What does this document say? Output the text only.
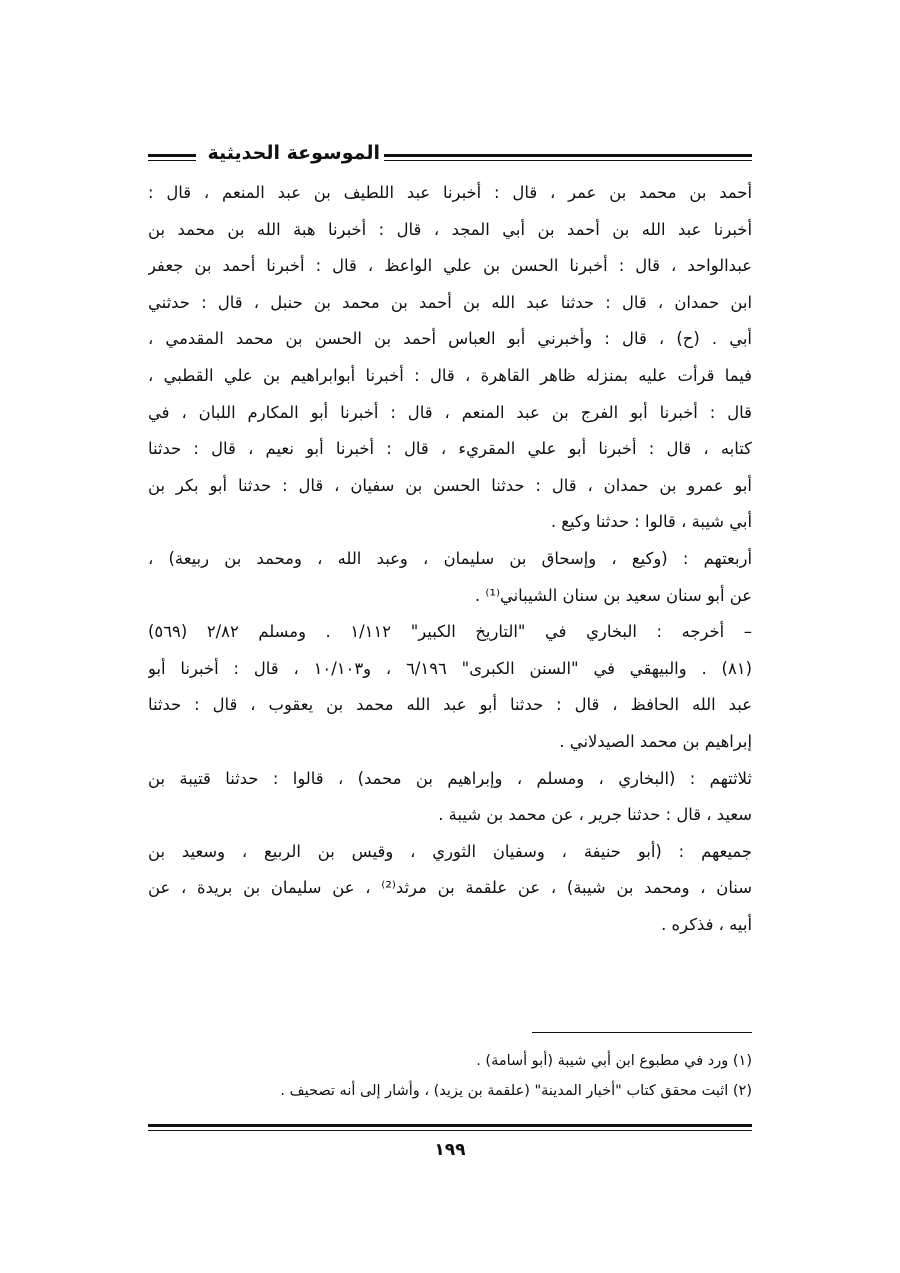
الموسوعة الحديثية
أحمد بن محمد بن عمر ، قال : أخبرنا عبد اللطيف بن عبد المنعم ، قال :
أخبرنا عبد الله بن أحمد بن أبي المجد ، قال : أخبرنا هبة الله بن محمد بن
عبدالواحد ، قال : أخبرنا الحسن بن علي الواعظ ، قال : أخبرنا أحمد بن جعفر
ابن حمدان ، قال : حدثنا عبد الله بن أحمد بن محمد بن حنبل ، قال : حدثني
أبي . (ح) ، قال : وأخبرني أبو العباس أحمد بن الحسن بن محمد المقدمي ،
فيما قرأت عليه بمنزله ظاهر القاهرة ، قال : أخبرنا أبوابراهيم بن علي القطبي ،
قال : أخبرنا أبو الفرج بن عبد المنعم ، قال : أخبرنا أبو المكارم اللبان ، في
كتابه ، قال : أخبرنا أبو علي المقريء ، قال : أخبرنا أبو نعيم ، قال : حدثنا
أبو عمرو بن حمدان ، قال : حدثنا الحسن بن سفيان ، قال : حدثنا أبو بكر بن
أبي شيبة ، قالوا : حدثنا وكيع .
أربعتهم : (وكيع ، وإسحاق بن سليمان ، وعبد الله ، ومحمد بن ربيعة) ،
عن أبو سنان سعيد بن سنان الشيباني⁽¹⁾ .
– أخرجه : البخاري في "التاريخ الكبير" ١/١١٢ . ومسلم ٢/٨٢ (٥٦٩)
(٨١) . والبيهقي في "السنن الكبرى" ٦/١٩٦ ، و١٠/١٠٣ ، قال : أخبرنا أبو
عبد الله الحافظ ، قال : حدثنا أبو عبد الله محمد بن يعقوب ، قال : حدثنا
إبراهيم بن محمد الصيدلاني .
ثلاثتهم : (البخاري ، ومسلم ، وإبراهيم بن محمد) ، قالوا : حدثنا قتيبة بن
سعيد ، قال : حدثنا جرير ، عن محمد بن شيبة .
جميعهم : (أبو حنيفة ، وسفيان الثوري ، وقيس بن الربيع ، وسعيد بن
سنان ، ومحمد بن شيبة) ، عن علقمة بن مرثد⁽²⁾ ، عن سليمان بن بريدة ، عن
أبيه ، فذكره .
(١) ورد في مطبوع ابن أبي شيبة (أبو أسامة) .
(٢) اثبت محقق كتاب "أخبار المدينة" (علقمة بن يزيد) ، وأشار إلى أنه تصحيف .
١٩٩
